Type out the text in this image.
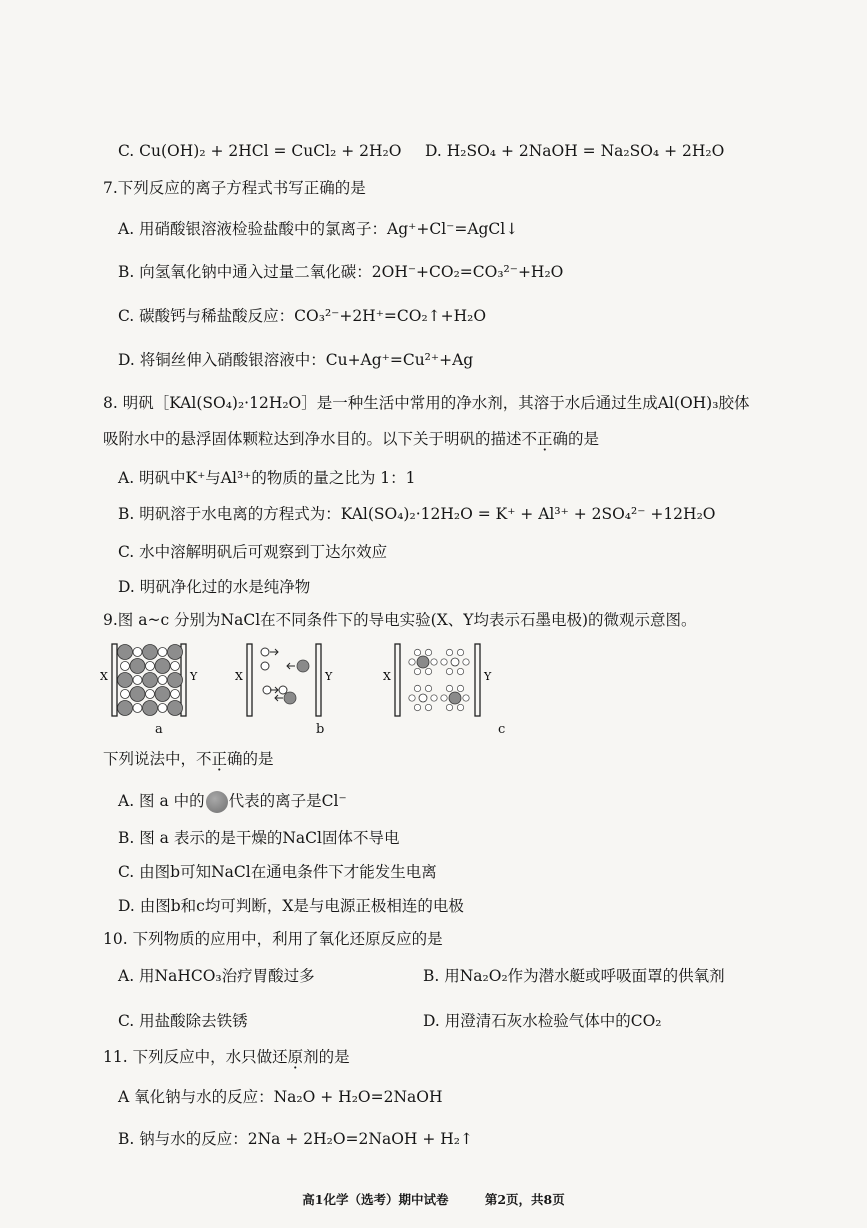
C. Cu(OH)₂ + 2HCl = CuCl₂ + 2H₂O D. H₂SO₄ + 2NaOH = Na₂SO₄ + 2H₂O
7.下列反应的离子方程式书写正确的是
A. 用硝酸银溶液检验盐酸中的氯离子：Ag⁺+Cl⁻=AgCl↓
B. 向氢氧化钠中通入过量二氧化碳：2OH⁻+CO₂=CO₃²⁻+H₂O
C. 碳酸钙与稀盐酸反应：CO₃²⁻+2H⁺=CO₂↑+H₂O
D. 将铜丝伸入硝酸银溶液中：Cu+Ag⁺=Cu²⁺+Ag
8. 明矾［KAl(SO₄)₂·12H₂O］是一种生活中常用的净水剂，其溶于水后通过生成Al(OH)₃胶体
吸附水中的悬浮固体颗粒达到净水目的。以下关于明矾的描述不正确的是
A. 明矾中K⁺与Al³⁺的物质的量之比为 1：1
B. 明矾溶于水电离的方程式为：KAl(SO₄)₂·12H₂O = K⁺ + Al³⁺ + 2SO₄²⁻ +12H₂O
C. 水中溶解明矾后可观察到丁达尔效应
D. 明矾净化过的水是纯净物
9.图 a~c 分别为NaCl在不同条件下的导电实验(X、Y均表示石墨电极)的微观示意图。
X	Y
a
X	Y
b
X	Y
c
下列说法中，不正确的是
A. 图 a 中的 代表的离子是Cl⁻
B. 图 a 表示的是干燥的NaCl固体不导电
C. 由图b可知NaCl在通电条件下才能发生电离
D. 由图b和c均可判断，X是与电源正极相连的电极
10. 下列物质的应用中，利用了氧化还原反应的是
A. 用NaHCO₃治疗胃酸过多	B. 用Na₂O₂作为潜水艇或呼吸面罩的供氧剂
C. 用盐酸除去铁锈	D. 用澄清石灰水检验气体中的CO₂
11. 下列反应中，水只做还原剂的是
A 氧化钠与水的反应：Na₂O + H₂O=2NaOH
B. 钠与水的反应：2Na + 2H₂O=2NaOH + H₂↑
高1化学（选考）期中试卷	第2页，共8页
